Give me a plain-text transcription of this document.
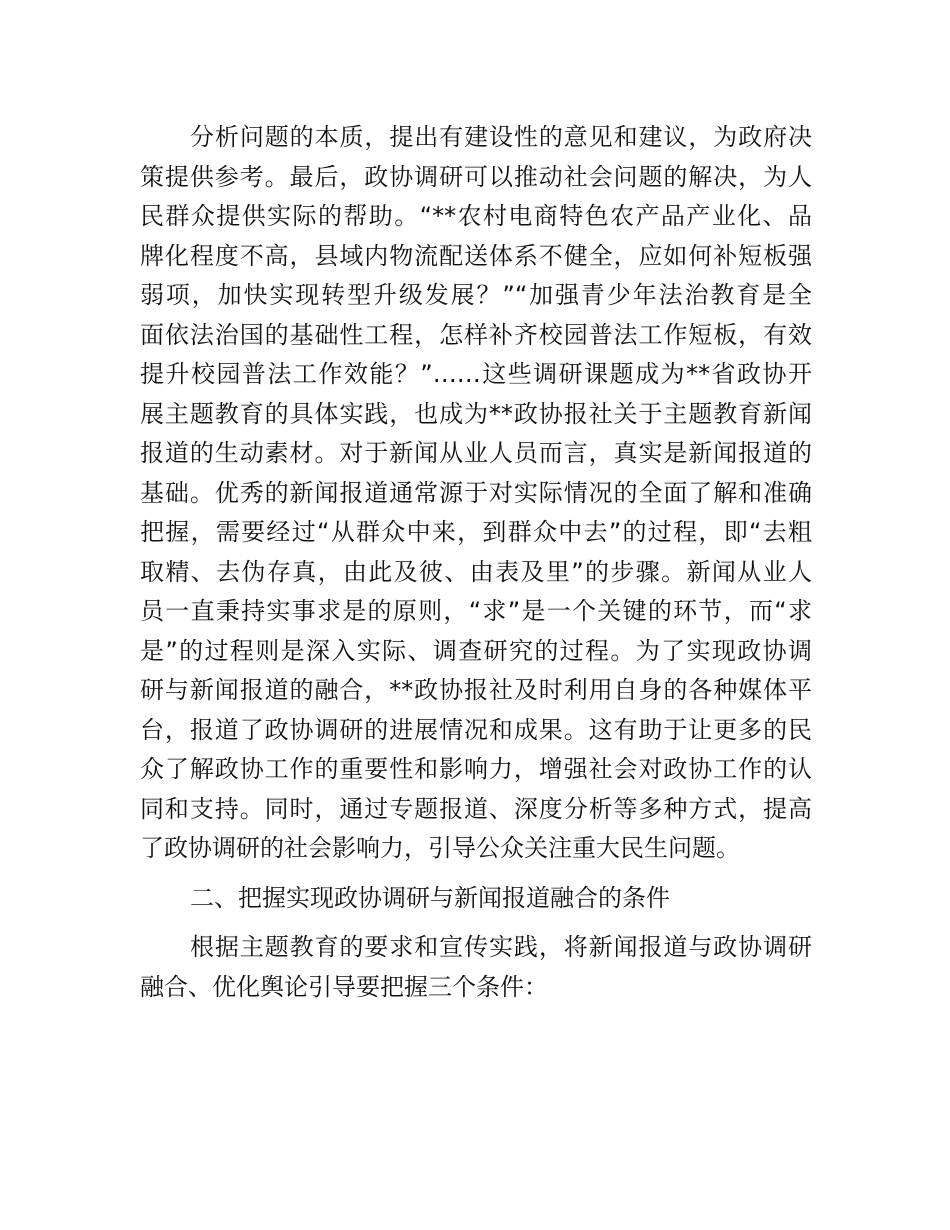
分析问题的本质，提出有建设性的意见和建议，为政府决
策提供参考。最后，政协调研可以推动社会问题的解决，为人
民群众提供实际的帮助。“**农村电商特色农产品产业化、品
牌化程度不高，县域内物流配送体系不健全，应如何补短板强
弱项，加快实现转型升级发展？”“加强青少年法治教育是全
面依法治国的基础性工程，怎样补齐校园普法工作短板，有效
提升校园普法工作效能？”……这些调研课题成为**省政协开
展主题教育的具体实践，也成为**政协报社关于主题教育新闻
报道的生动素材。对于新闻从业人员而言，真实是新闻报道的
基础。优秀的新闻报道通常源于对实际情况的全面了解和准确
把握，需要经过“从群众中来，到群众中去”的过程，即“去粗
取精、去伪存真，由此及彼、由表及里”的步骤。新闻从业人
员一直秉持实事求是的原则，“求”是一个关键的环节，而“求
是”的过程则是深入实际、调查研究的过程。为了实现政协调
研与新闻报道的融合，**政协报社及时利用自身的各种媒体平
台，报道了政协调研的进展情况和成果。这有助于让更多的民
众了解政协工作的重要性和影响力，增强社会对政协工作的认
同和支持。同时，通过专题报道、深度分析等多种方式，提高
了政协调研的社会影响力，引导公众关注重大民生问题。
二、把握实现政协调研与新闻报道融合的条件
根据主题教育的要求和宣传实践，将新闻报道与政协调研
融合、优化舆论引导要把握三个条件：
